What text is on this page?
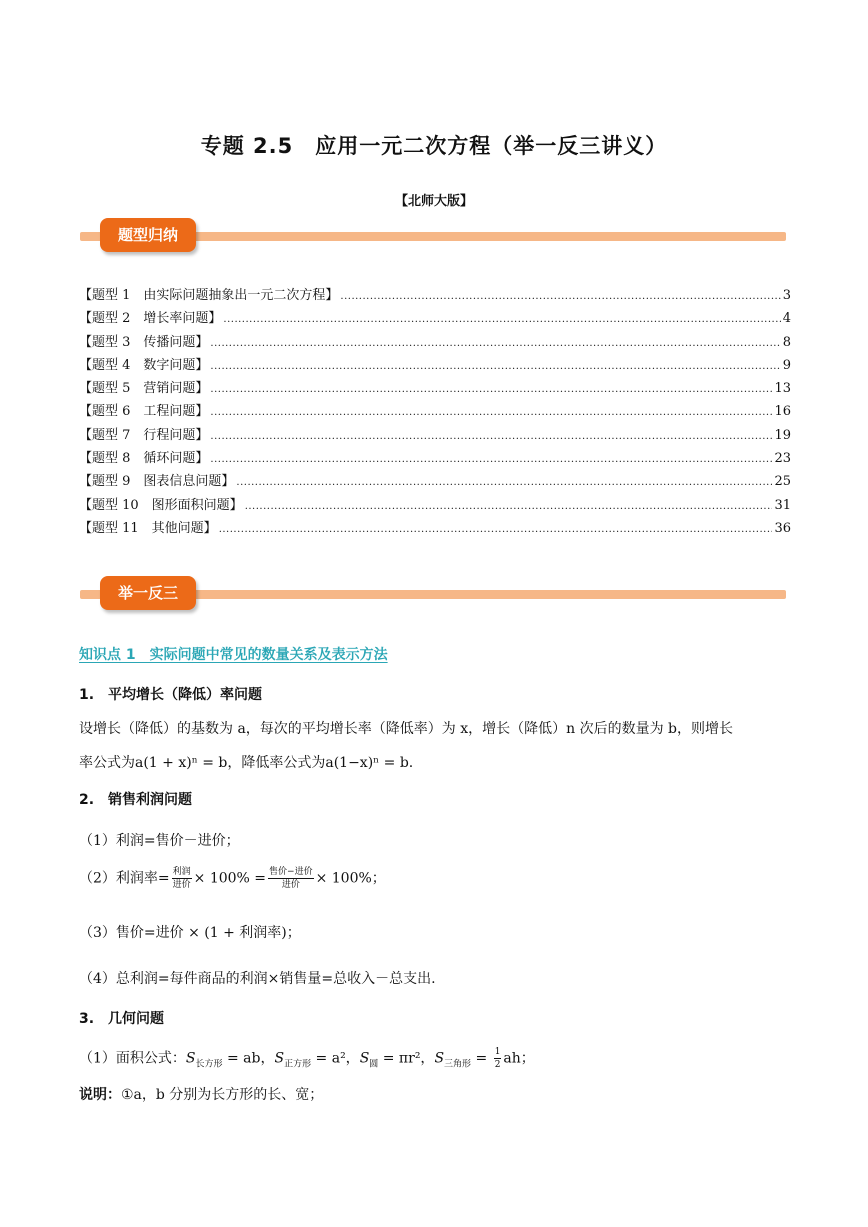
专题 2.5　应用一元二次方程（举一反三讲义）
【北师大版】
题型归纳
【题型 1　由实际问题抽象出一元二次方程】 .....	3
【题型 2　增长率问题】 .....	4
【题型 3　传播问题】 .....	8
【题型 4　数字问题】 .....	9
【题型 5　营销问题】 .....	13
【题型 6　工程问题】 .....	16
【题型 7　行程问题】 .....	19
【题型 8　循环问题】 .....	23
【题型 9　图表信息问题】 .....	25
【题型 10　图形面积问题】 .....	31
【题型 11　其他问题】 .....	36
举一反三
知识点 1　实际问题中常见的数量关系及表示方法
1.　平均增长（降低）率问题
设增长（降低）的基数为 a，每次的平均增长率（降低率）为 x，增长（降低）n 次后的数量为 b，则增长
率公式为a(1 + x)ⁿ = b，降低率公式为a(1−x)ⁿ = b.
2.　销售利润问题
（1）利润=售价－进价；
（2）利润率= $\frac{\text{利润}}{\text{进价}} \times 100\% = \frac{\text{售价−进价}}{\text{进价}} \times 100\%$；
（3）售价=进价 × (1 + 利润率)；
（4）总利润=每件商品的利润×销售量=总收入－总支出.
3.　几何问题
（1）面积公式：$S_{长方形}$ = ab，$S_{正方形} = a^2$，$S_圆 = \pi r^2$，$S_{三角形} = \frac{1}{2}$ ah；
说明：①a，b 分别为长方形的长、宽；
